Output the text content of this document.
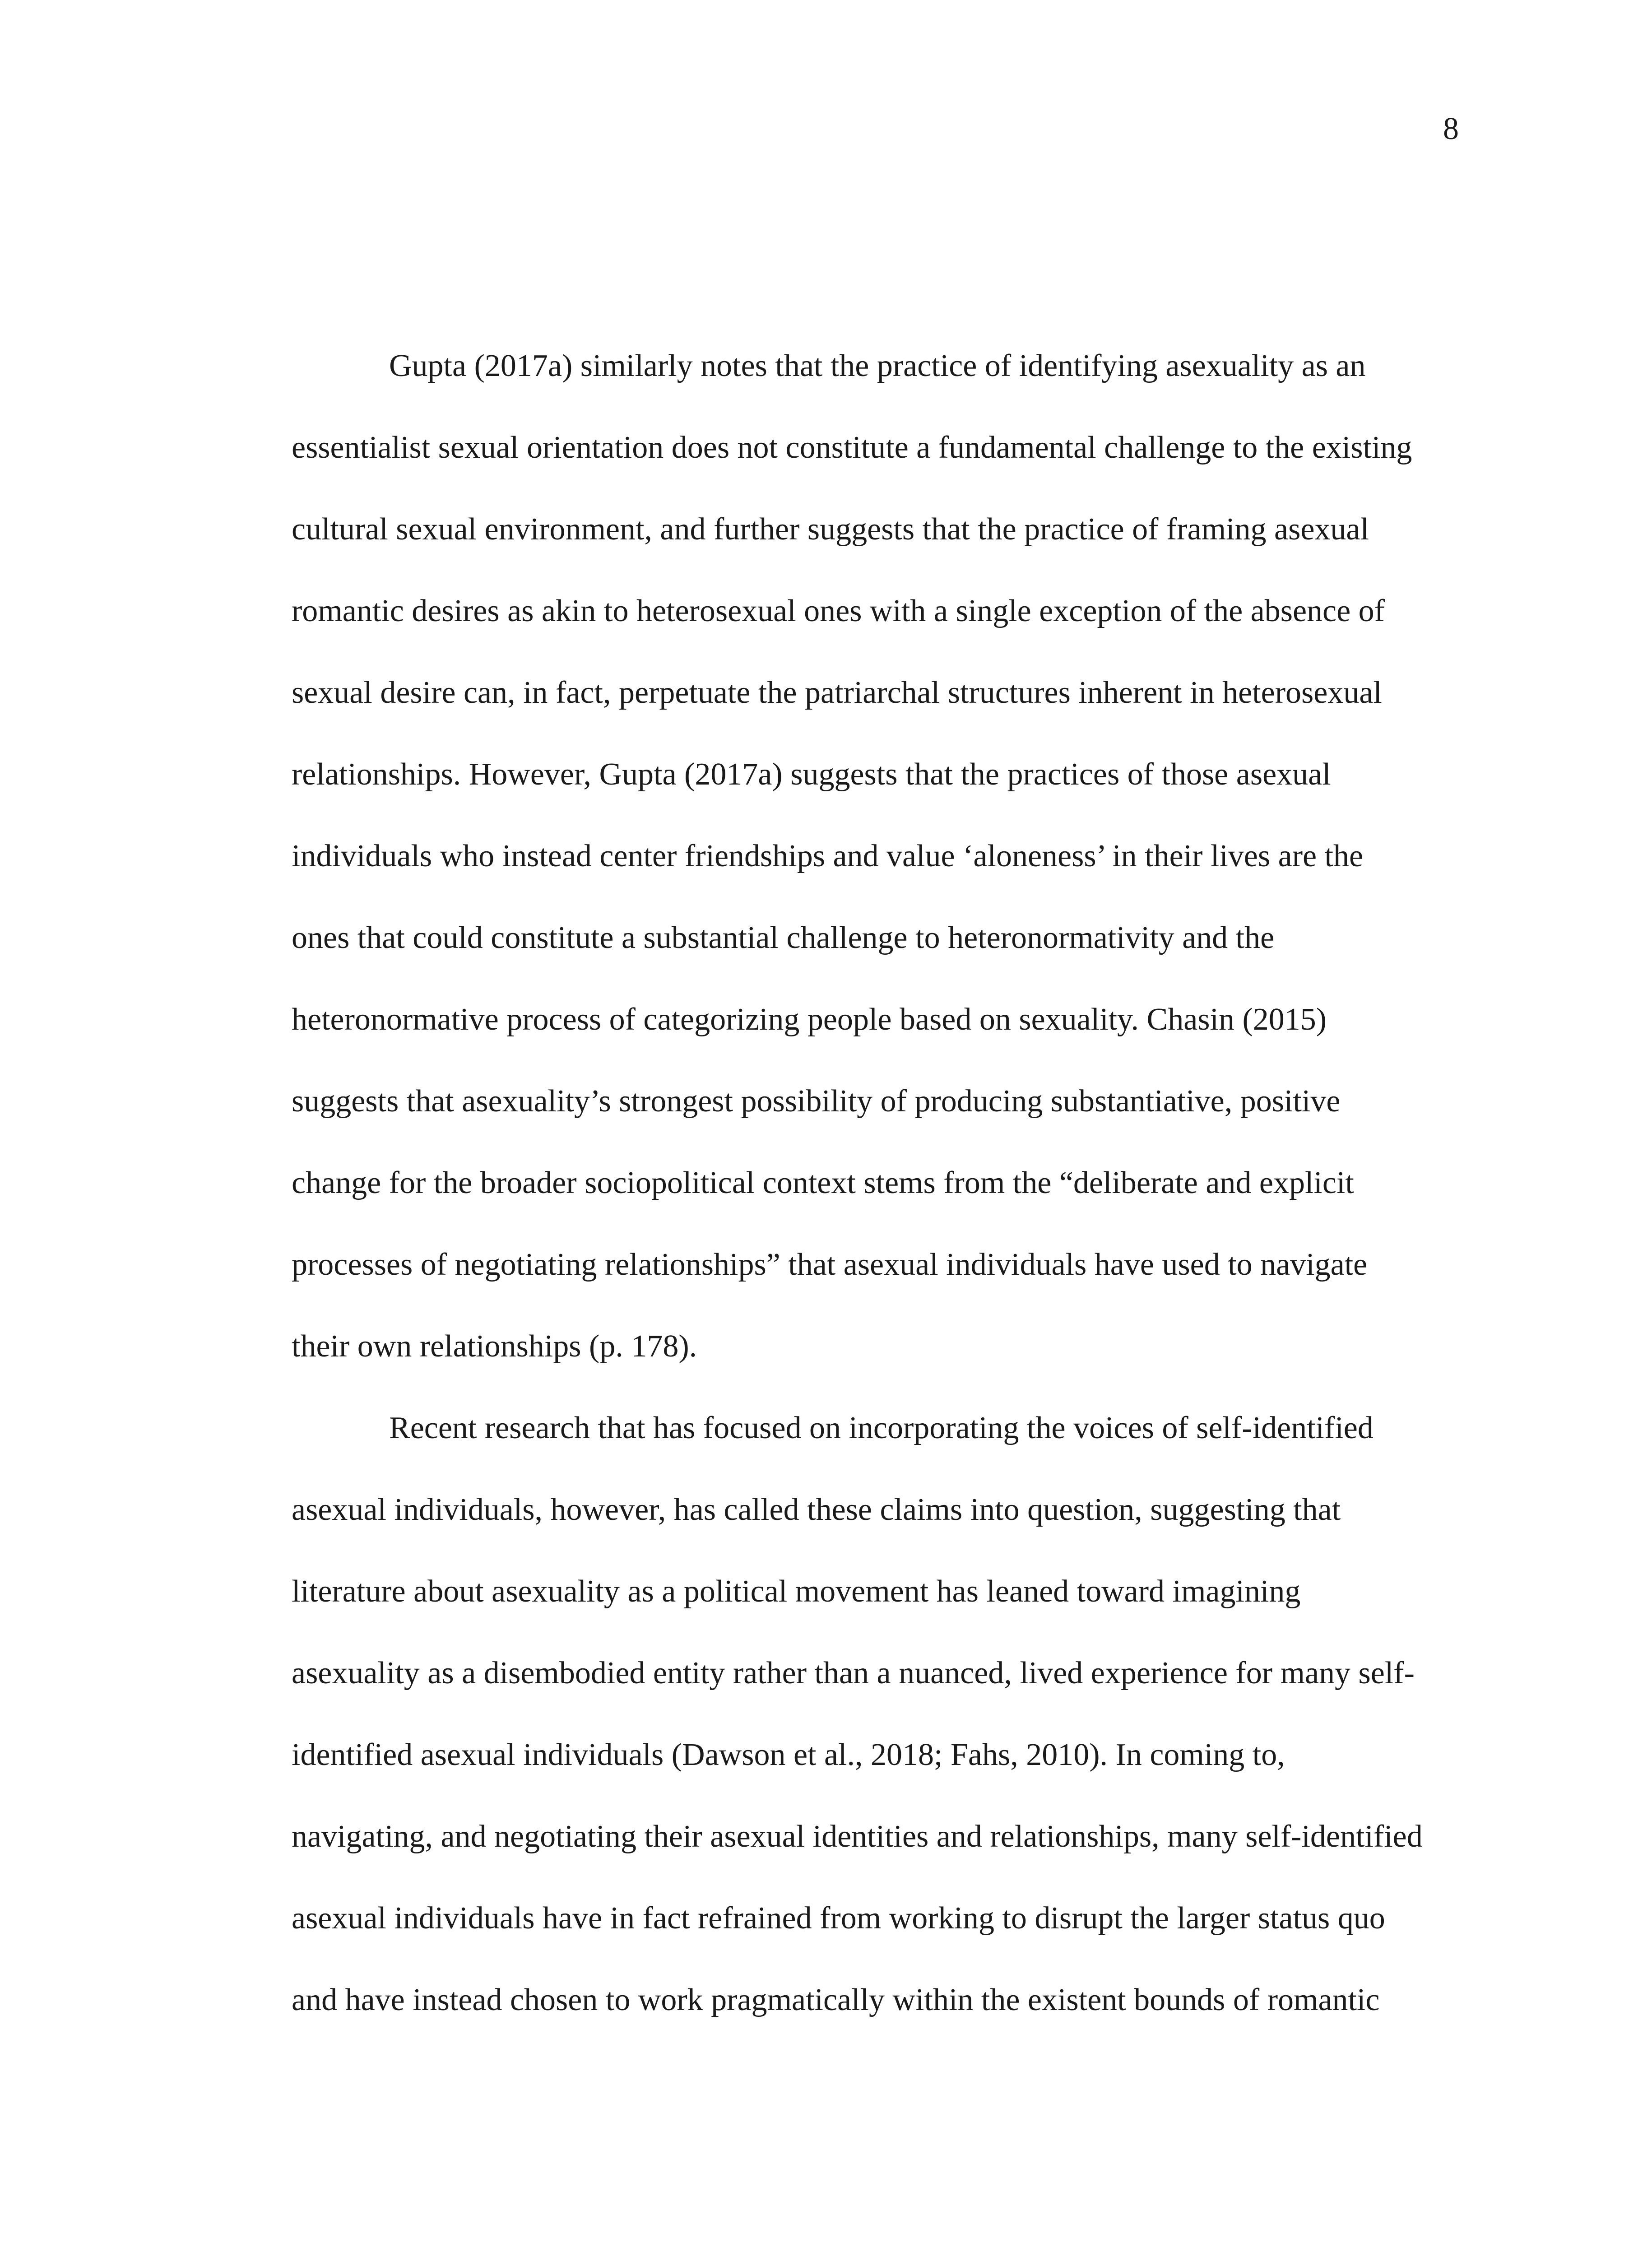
8
Gupta (2017a) similarly notes that the practice of identifying asexuality as an
essentialist sexual orientation does not constitute a fundamental challenge to the existing
cultural sexual environment, and further suggests that the practice of framing asexual
romantic desires as akin to heterosexual ones with a single exception of the absence of
sexual desire can, in fact, perpetuate the patriarchal structures inherent in heterosexual
relationships. However, Gupta (2017a) suggests that the practices of those asexual
individuals who instead center friendships and value ‘aloneness’ in their lives are the
ones that could constitute a substantial challenge to heteronormativity and the
heteronormative process of categorizing people based on sexuality. Chasin (2015)
suggests that asexuality’s strongest possibility of producing substantiative, positive
change for the broader sociopolitical context stems from the “deliberate and explicit
processes of negotiating relationships” that asexual individuals have used to navigate
their own relationships (p. 178).
Recent research that has focused on incorporating the voices of self-identified
asexual individuals, however, has called these claims into question, suggesting that
literature about asexuality as a political movement has leaned toward imagining
asexuality as a disembodied entity rather than a nuanced, lived experience for many self-
identified asexual individuals (Dawson et al., 2018; Fahs, 2010). In coming to,
navigating, and negotiating their asexual identities and relationships, many self-identified
asexual individuals have in fact refrained from working to disrupt the larger status quo
and have instead chosen to work pragmatically within the existent bounds of romantic
